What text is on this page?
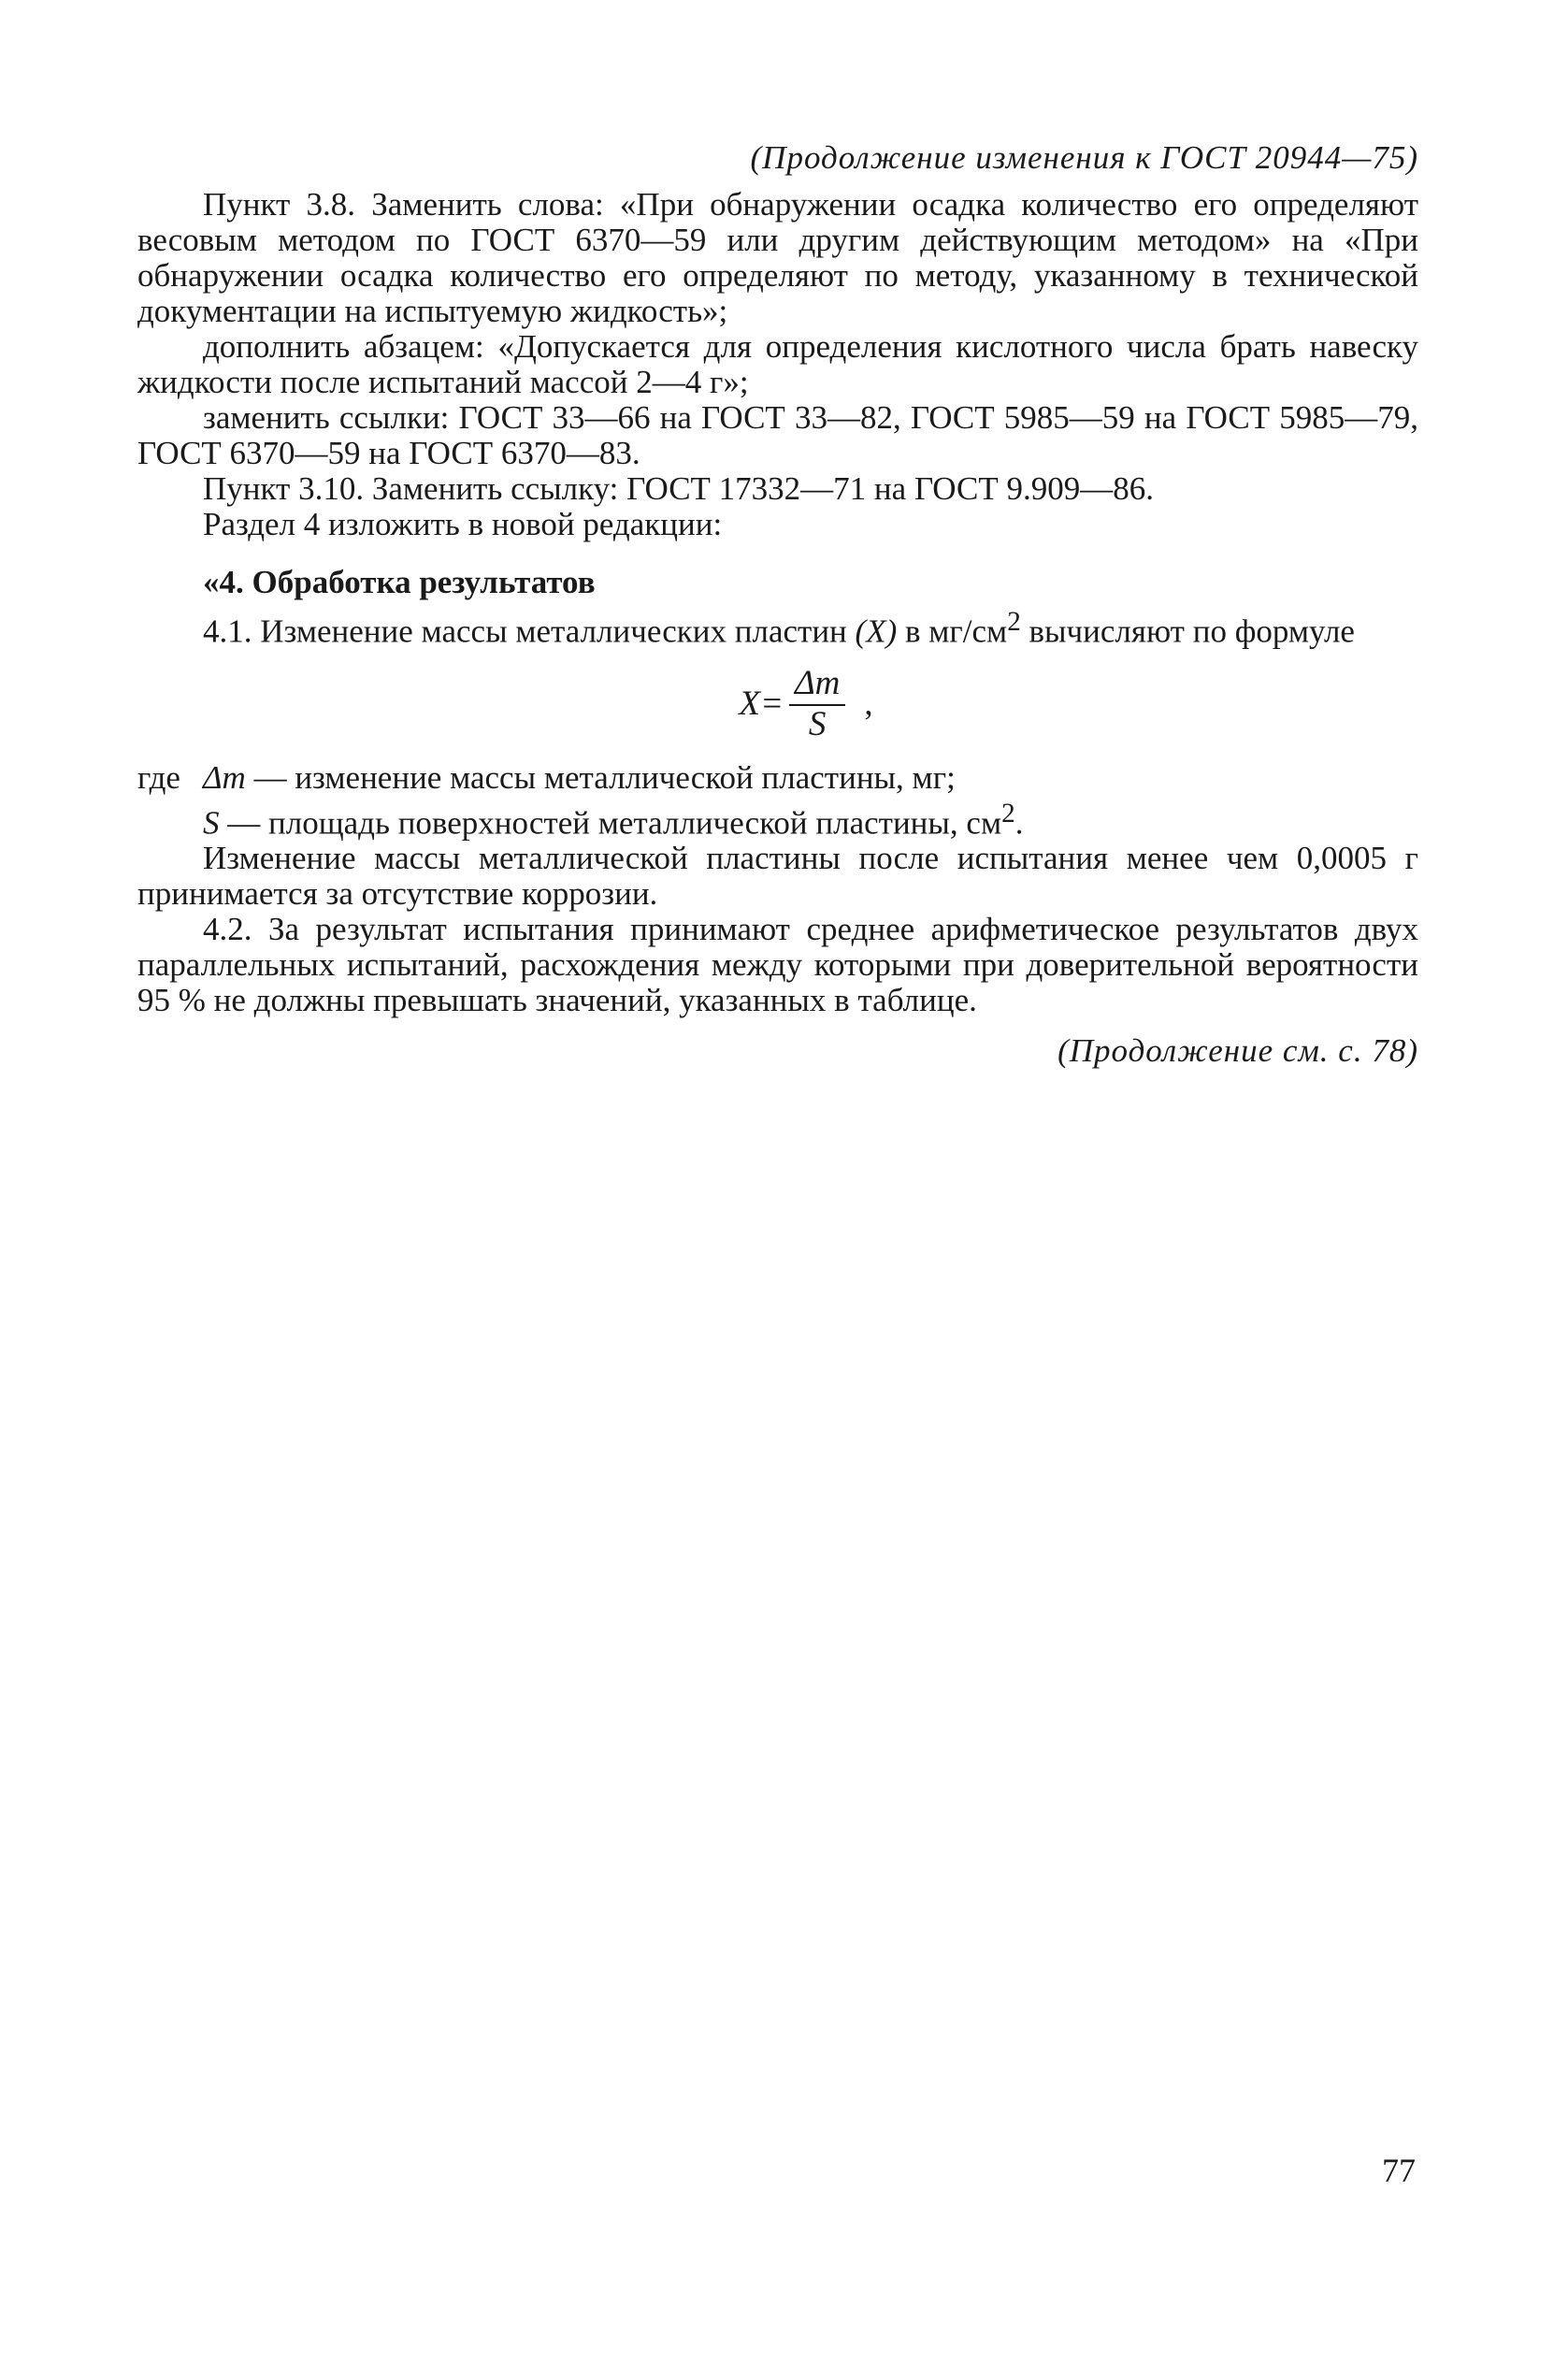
(Продолжение изменения к ГОСТ 20944—75)

Пункт 3.8. Заменить слова: «При обнаружении осадка количество его определяют весовым методом по ГОСТ 6370—59 или другим действующим методом» на «При обнаружении осадка количество его определяют по методу, указанному в технической документации на испытуемую жидкость»;

дополнить абзацем: «Допускается для определения кислотного числа брать навеску жидкости после испытаний массой 2—4 г»;

заменить ссылки: ГОСТ 33—66 на ГОСТ 33—82, ГОСТ 5985—59 на ГОСТ 5985—79, ГОСТ 6370—59 на ГОСТ 6370—83.

Пункт 3.10. Заменить ссылку: ГОСТ 17332—71 на ГОСТ 9.909—86.

Раздел 4 изложить в новой редакции:

«4. Обработка результатов

4.1. Изменение массы металлических пластин (X) в $мг/см^2$ вычисляют по формуле

$X= \frac{\Delta m}{S}$ ,
где Δm — изменение массы металлической пластины, мг;
S — площадь поверхностей металлической пластины, $см^2$.

Изменение массы металлической пластины после испытания менее чем 0,0005 г принимается за отсутствие коррозии.

4.2. За результат испытания принимают среднее арифметическое результатов двух параллельных испытаний, расхождения между которыми при доверительной вероятности 95 % не должны превышать значений, указанных в таблице.

(Продолжение см. с. 78)
77
